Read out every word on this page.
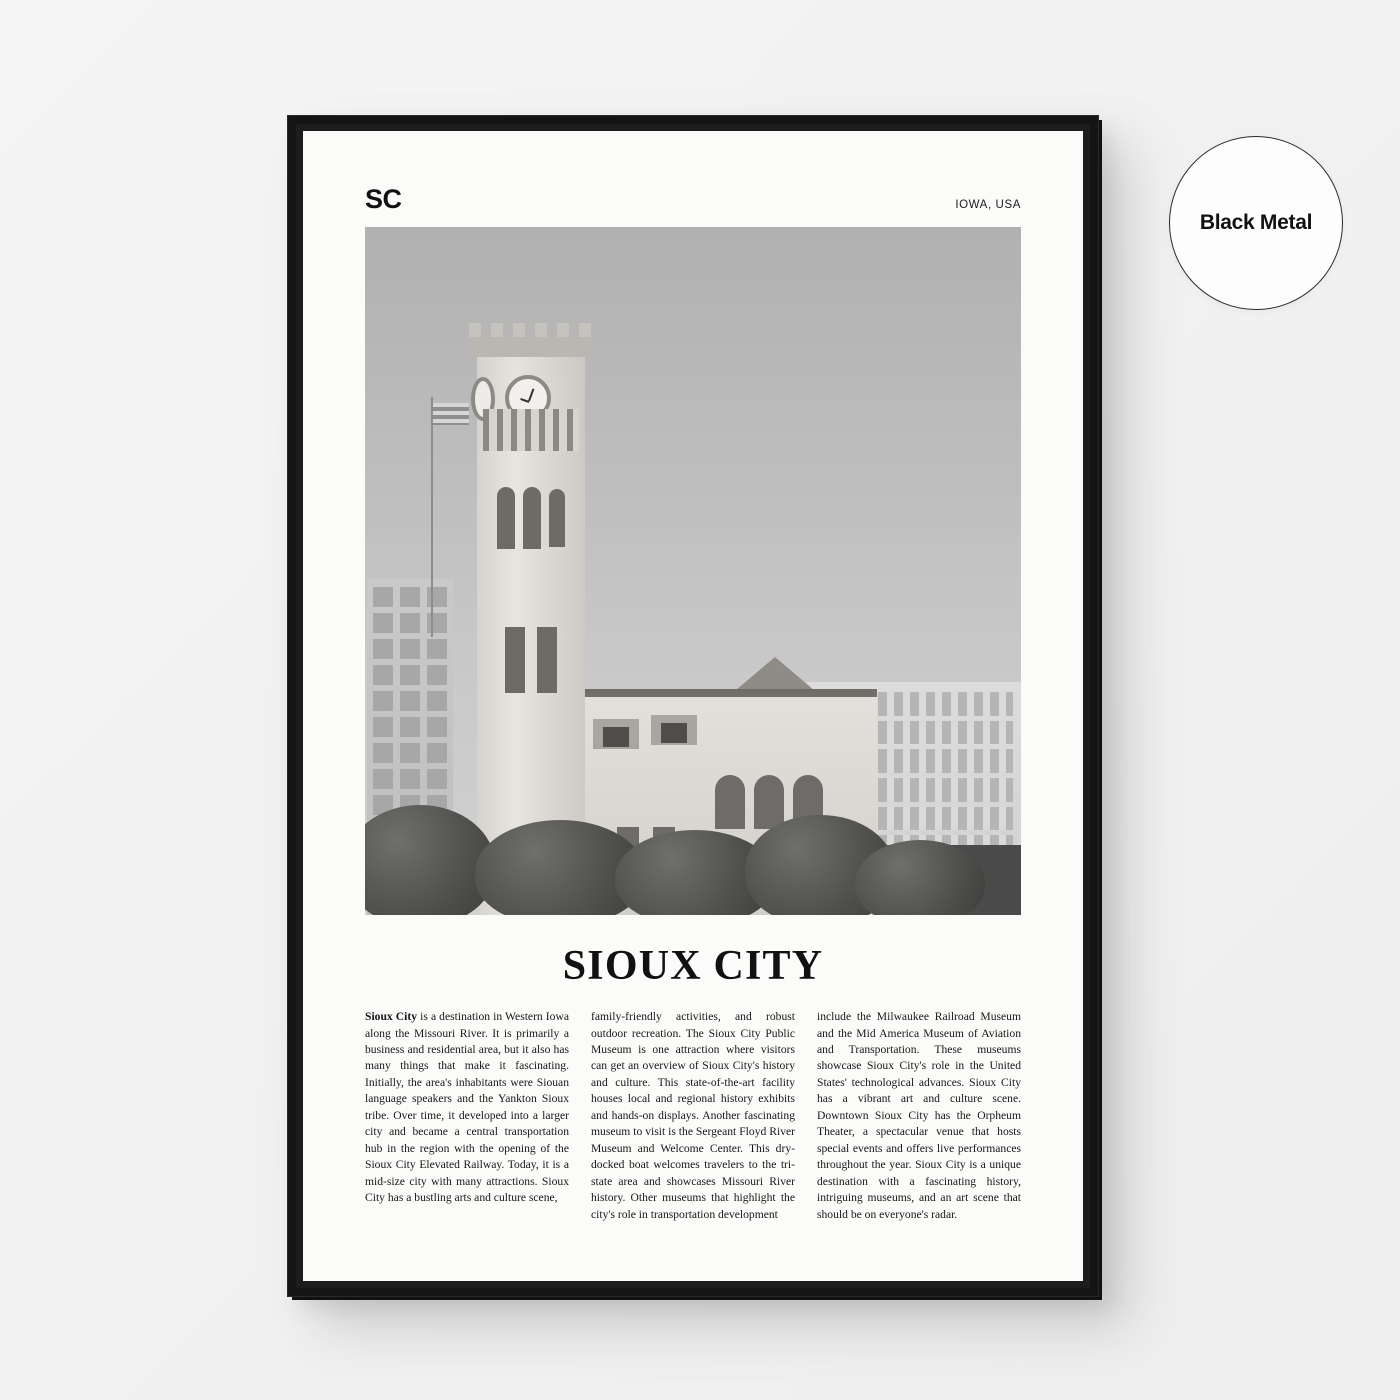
SC	IOWA, USA
SIOUX CITY
Sioux City is a destination in Western Iowa along the Missouri River. It is primarily a business and residential area, but it also has many things that make it fascinating. Initially, the area's inhabitants were Siouan language speakers and the Yankton Sioux tribe. Over time, it developed into a larger city and became a central transportation hub in the region with the opening of the Sioux City Elevated Railway. Today, it is a mid-size city with many attractions. Sioux City has a bustling arts and culture scene,
family-friendly activities, and robust outdoor recreation. The Sioux City Public Museum is one attraction where visitors can get an overview of Sioux City's history and culture. This state-of-the-art facility houses local and regional history exhibits and hands-on displays. Another fascinating museum to visit is the Sergeant Floyd River Museum and Welcome Center. This dry-docked boat welcomes travelers to the tri-state area and showcases Missouri River history. Other museums that highlight the city's role in transportation development
include the Milwaukee Railroad Museum and the Mid America Museum of Aviation and Transportation. These museums showcase Sioux City's role in the United States' technological advances. Sioux City has a vibrant art and culture scene. Downtown Sioux City has the Orpheum Theater, a spectacular venue that hosts special events and offers live performances throughout the year. Sioux City is a unique destination with a fascinating history, intriguing museums, and an art scene that should be on everyone's radar.
Black Metal
